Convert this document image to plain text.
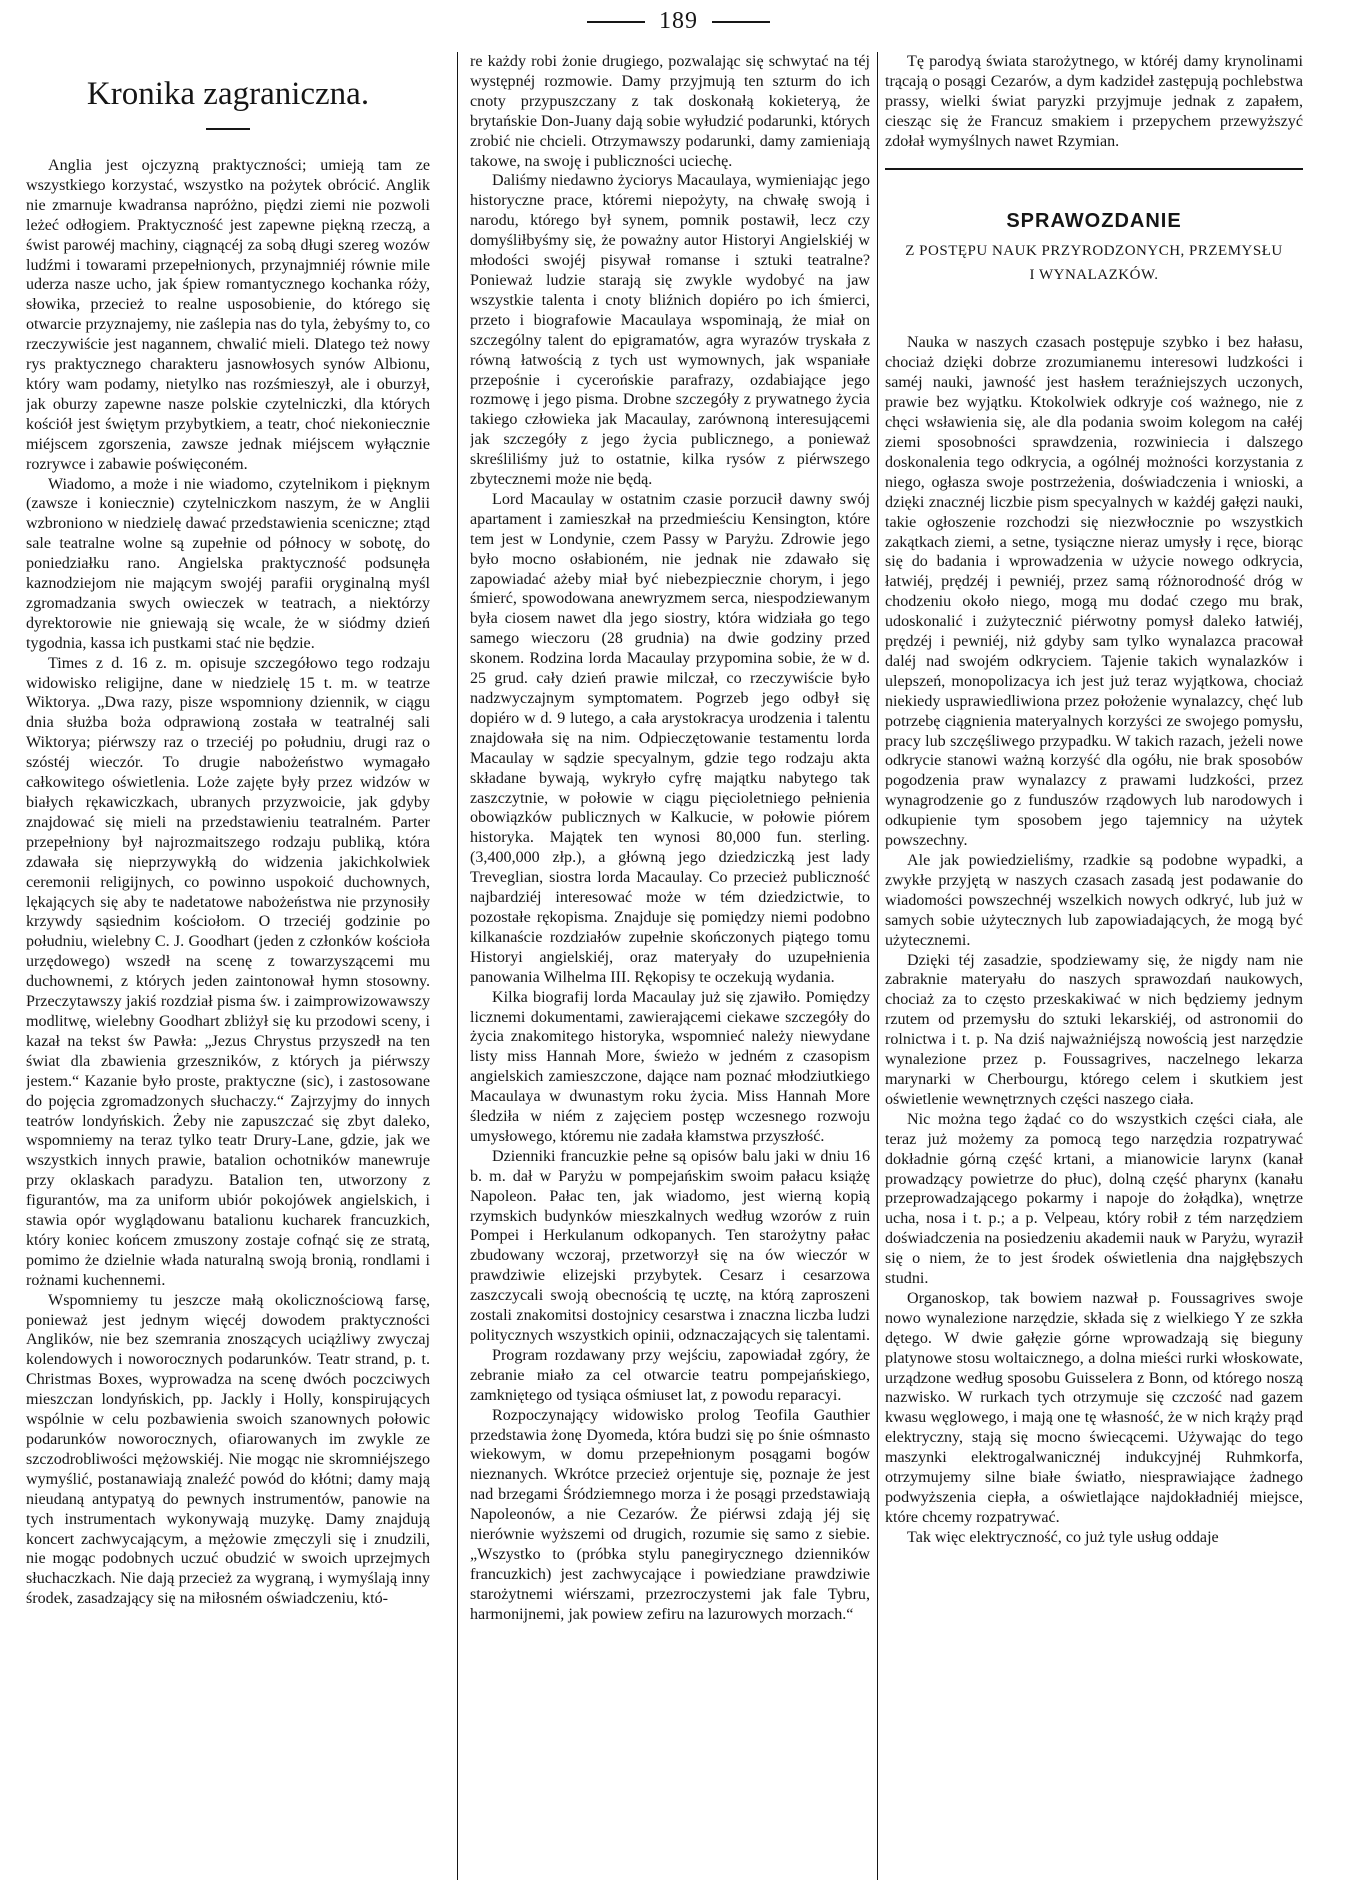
189
Kronika zagraniczna.

Anglia jest ojczyzną praktyczności; umieją tam ze wszystkiego korzystać, wszystko na pożytek obrócić. Anglik nie zmarnuje kwadransa napróżno, piędzi ziemi nie pozwoli leżeć odłogiem. Praktyczność jest zapewne piękną rzeczą, a świst parowéj machiny, ciągnącéj za sobą długi szereg wozów ludźmi i towarami przepełnionych, przynajmniéj równie mile uderza nasze ucho, jak śpiew romantycznego kochanka róży, słowika, przecież to realne usposobienie, do którego się otwarcie przyznajemy, nie zaślepia nas do tyla, żebyśmy to, co rzeczywiście jest nagannem, chwalić mieli. Dlatego też nowy rys praktycznego charakteru jasnowłosych synów Albionu, który wam podamy, nietylko nas rozśmieszył, ale i oburzył, jak oburzy zapewne nasze polskie czytelniczki, dla których kościół jest świętym przybytkiem, a teatr, choć niekoniecznie miéjscem zgorszenia, zawsze jednak miéjscem wyłącznie rozrywce i zabawie poświęconém.

Wiadomo, a może i nie wiadomo, czytelnikom i pięknym (zawsze i koniecznie) czytelniczkom naszym, że w Anglii wzbroniono w niedzielę dawać przedstawienia sceniczne; ztąd sale teatralne wolne są zupełnie od północy w sobotę, do poniedziałku rano. Angielska praktyczność podsunęła kaznodziejom nie mającym swojéj parafii oryginalną myśl zgromadzania swych owieczek w teatrach, a niektórzy dyrektorowie nie gniewają się wcale, że w siódmy dzień tygodnia, kassa ich pustkami stać nie będzie.

Times z d. 16 z. m. opisuje szczegółowo tego rodzaju widowisko religijne, dane w niedzielę 15 t. m. w teatrze Wiktorya. „Dwa razy, pisze wspomniony dziennik, w ciągu dnia służba boża odprawioną została w teatralnéj sali Wiktorya; piérwszy raz o trzeciéj po południu, drugi raz o szóstéj wieczór. To drugie nabożeństwo wymagało całkowitego oświetlenia. Loże zajęte były przez widzów w białych rękawiczkach, ubranych przyzwoicie, jak gdyby znajdować się mieli na przedstawieniu teatralném. Parter przepełniony był najrozmaitszego rodzaju publiką, która zdawała się nieprzywykłą do widzenia jakichkolwiek ceremonii religijnych, co powinno uspokoić duchownych, lękających się aby te nadetatowe nabożeństwa nie przynosiły krzywdy sąsiednim kościołom. O trzeciéj godzinie po południu, wielebny C. J. Goodhart (jeden z członków kościoła urzędowego) wszedł na scenę z towarzyszącemi mu duchownemi, z których jeden zaintonował hymn stosowny. Przeczytawszy jakiś rozdział pisma św. i zaimprowizowawszy modlitwę, wielebny Goodhart zbliżył się ku przodowi sceny, i kazał na tekst św Pawła: „Jezus Chrystus przyszedł na ten świat dla zbawienia grzeszników, z których ja piérwszy jestem.“ Kazanie było proste, praktyczne (sic), i zastosowane do pojęcia zgromadzonych słuchaczy.“ Zajrzyjmy do innych teatrów londyńskich. Żeby nie zapuszczać się zbyt daleko, wspomniemy na teraz tylko teatr Drury-Lane, gdzie, jak we wszystkich innych prawie, batalion ochotników manewruje przy oklaskach paradyzu. Batalion ten, utworzony z figurantów, ma za uniform ubiór pokojówek angielskich, i stawia opór wyglądowanu batalionu kucharek francuzkich, który koniec końcem zmuszony zostaje cofnąć się ze stratą, pomimo że dzielnie włada naturalną swoją bronią, rondlami i rożnami kuchennemi.

Wspomniemy tu jeszcze małą okolicznościową farsę, ponieważ jest jednym więcéj dowodem praktyczności Anglików, nie bez szemrania znoszących uciążliwy zwyczaj kolendowych i noworocznych podarunków. Teatr strand, p. t. Christmas Boxes, wyprowadza na scenę dwóch poczciwych mieszczan londyńskich, pp. Jackly i Holly, konspirujących wspólnie w celu pozbawienia swoich szanownych połowic podarunków noworocznych, ofiarowanych im zwykle ze szczodrobliwości mężowskiéj. Nie mogąc nie skromniéjszego wymyślić, postanawiają znaleźć powód do kłótni; damy mają nieudaną antypatyą do pewnych instrumentów, panowie na tych instrumentach wykonywają muzykę. Damy znajdują koncert zachwycającym, a mężowie zmęczyli się i znudzili, nie mogąc podobnych uczuć obudzić w swoich uprzejmych słuchaczkach. Nie dają przecież za wygraną, i wymyślają inny środek, zasadzający się na miłosném oświadczeniu, któ-

re każdy robi żonie drugiego, pozwalając się schwytać na téj występnéj rozmowie. Damy przyjmują ten szturm do ich cnoty przypuszczany z tak doskonałą kokieteryą, że brytańskie Don-Juany dają sobie wyłudzić podarunki, których zrobić nie chcieli. Otrzymawszy podarunki, damy zamieniają takowe, na swoję i publiczności uciechę.

Daliśmy niedawno życiorys Macaulaya, wymieniając jego historyczne prace, któremi niepożyty, na chwałę swoją i narodu, którego był synem, pomnik postawił, lecz czy domyśliłbyśmy się, że poważny autor Historyi Angielskiéj w młodości swojéj pisywał romanse i sztuki teatralne? Ponieważ ludzie starają się zwykle wydobyć na jaw wszystkie talenta i cnoty bliźnich dopiéro po ich śmierci, przeto i biografowie Macaulaya wspominają, że miał on szczególny talent do epigramatów, agra wyrazów tryskała z równą łatwością z tych ust wymownych, jak wspaniałe przepośnie i cycerońskie parafrazy, ozdabiające jego rozmowę i jego pisma. Drobne szczegóły z prywatnego życia takiego człowieka jak Macaulay, zarównoną interesującemi jak szczegóły z jego życia publicznego, a ponieważ skreśliliśmy już to ostatnie, kilka rysów z piérwszego zbytecznemi może nie będą.

Lord Macaulay w ostatnim czasie porzucił dawny swój apartament i zamieszkał na przedmieściu Kensington, które tem jest w Londynie, czem Passy w Paryżu. Zdrowie jego było mocno osłabioném, nie jednak nie zdawało się zapowiadać ażeby miał być niebezpiecznie chorym, i jego śmierć, spowodowana anewryzmem serca, niespodziewanym była ciosem nawet dla jego siostry, która widziała go tego samego wieczoru (28 grudnia) na dwie godziny przed skonem. Rodzina lorda Macaulay przypomina sobie, że w d. 25 grud. cały dzień prawie milczał, co rzeczywiście było nadzwyczajnym symptomatem. Pogrzeb jego odbył się dopiéro w d. 9 lutego, a cała arystokracya urodzenia i talentu znajdowała się na nim. Odpieczętowanie testamentu lorda Macaulay w sądzie specyalnym, gdzie tego rodzaju akta składane bywają, wykryło cyfrę majątku nabytego tak zaszczytnie, w połowie w ciągu pięcioletniego pełnienia obowiązków publicznych w Kalkucie, w połowie piórem historyka. Majątek ten wynosi 80,000 fun. sterling. (3,400,000 złp.), a główną jego dziedziczką jest lady Treveglian, siostra lorda Macaulay. Co przecież publiczność najbardziéj interesować może w tém dziedzictwie, to pozostałe rękopisma. Znajduje się pomiędzy niemi podobno kilkanaście rozdziałów zupełnie skończonych piątego tomu Historyi angielskiéj, oraz materyały do uzupełnienia panowania Wilhelma III. Rękopisy te oczekują wydania.

Kilka biografij lorda Macaulay już się zjawiło. Pomiędzy licznemi dokumentami, zawierającemi ciekawe szczegóły do życia znakomitego historyka, wspomnieć należy niewydane listy miss Hannah More, świeżo w jedném z czasopism angielskich zamieszczone, dające nam poznać młodziutkiego Macaulaya w dwunastym roku życia. Miss Hannah More śledziła w niém z zajęciem postęp wczesnego rozwoju umysłowego, któremu nie zadała kłamstwa przyszłość.

Dzienniki francuzkie pełne są opisów balu jaki w dniu 16 b. m. dał w Paryżu w pompejańskim swoim pałacu książę Napoleon. Pałac ten, jak wiadomo, jest wierną kopią rzymskich budynków mieszkalnych według wzorów z ruin Pompei i Herkulanum odkopanych. Ten starożytny pałac zbudowany wczoraj, przetworzył się na ów wieczór w prawdziwie elizejski przybytek. Cesarz i cesarzowa zaszczycali swoją obecnością tę ucztę, na którą zaproszeni zostali znakomitsi dostojnicy cesarstwa i znaczna liczba ludzi politycznych wszystkich opinii, odznaczających się talentami.

Program rozdawany przy wejściu, zapowiadał zgóry, że zebranie miało za cel otwarcie teatru pompejańskiego, zamkniętego od tysiąca ośmiuset lat, z powodu reparacyi.

Rozpoczynający widowisko prolog Teofila Gauthier przedstawia żonę Dyomeda, która budzi się po śnie ośmnasto wiekowym, w domu przepełnionym posągami bogów nieznanych. Wkrótce przecież orjentuje się, poznaje że jest nad brzegami Śródziemnego morza i że posągi przedstawiają Napoleonów, a nie Cezarów. Że piérwsi zdają jéj się nierównie wyższemi od drugich, rozumie się samo z siebie. „Wszystko to (próbka stylu panegirycznego dzienników francuzkich) jest zachwycające i powiedziane prawdziwie starożytnemi wiérszami, przezroczystemi jak fale Tybru, harmonijnemi, jak powiew zefiru na lazurowych morzach.“

Tę parodyą świata starożytnego, w któréj damy krynolinami trącają o posągi Cezarów, a dym kadzideł zastępują pochlebstwa prassy, wielki świat paryzki przyjmuje jednak z zapałem, ciesząc się że Francuz smakiem i przepychem przewyższyć zdołał wymyślnych nawet Rzymian.

SPRAWOZDANIE
Z POSTĘPU NAUK PRZYRODZONYCH, PRZEMYSŁU
I WYNALAZKÓW.

Nauka w naszych czasach postępuje szybko i bez hałasu, chociaż dzięki dobrze zrozumianemu interesowi ludzkości i saméj nauki, jawność jest hasłem teraźniejszych uczonych, prawie bez wyjątku. Ktokolwiek odkryje coś ważnego, nie z chęci wsławienia się, ale dla podania swoim kolegom na całéj ziemi sposobności sprawdzenia, rozwiniecia i dalszego doskonalenia tego odkrycia, a ogólnéj możności korzystania z niego, ogłasza swoje postrzeżenia, doświadczenia i wnioski, a dzięki znacznéj liczbie pism specyalnych w każdéj gałęzi nauki, takie ogłoszenie rozchodzi się niezwłocznie po wszystkich zakątkach ziemi, a setne, tysiączne nieraz umysły i ręce, biorąc się do badania i wprowadzenia w użycie nowego odkrycia, łatwiéj, prędzéj i pewniéj, przez samą różnorodność dróg w chodzeniu około niego, mogą mu dodać czego mu brak, udoskonalić i zużytecznić piérwotny pomysł daleko łatwiéj, prędzéj i pewniéj, niż gdyby sam tylko wynalazca pracował daléj nad swojém odkryciem. Tajenie takich wynalazków i ulepszeń, monopolizacya ich jest już teraz wyjątkowa, chociaż niekiedy usprawiedliwiona przez położenie wynalazcy, chęć lub potrzebę ciągnienia materyalnych korzyści ze swojego pomysłu, pracy lub szczęśliwego przypadku. W takich razach, jeżeli nowe odkrycie stanowi ważną korzyść dla ogółu, nie brak sposobów pogodzenia praw wynalazcy z prawami ludzkości, przez wynagrodzenie go z funduszów rządowych lub narodowych i odkupienie tym sposobem jego tajemnicy na użytek powszechny.

Ale jak powiedzieliśmy, rzadkie są podobne wypadki, a zwykłe przyjętą w naszych czasach zasadą jest podawanie do wiadomości powszechnéj wszelkich nowych odkryć, lub już w samych sobie użytecznych lub zapowiadających, że mogą być użytecznemi.

Dzięki téj zasadzie, spodziewamy się, że nigdy nam nie zabraknie materyału do naszych sprawozdań naukowych, chociaż za to często przeskakiwać w nich będziemy jednym rzutem od przemysłu do sztuki lekarskiéj, od astronomii do rolnictwa i t. p. Na dziś najważniéjszą nowością jest narzędzie wynalezione przez p. Foussagrives, naczelnego lekarza marynarki w Cherbourgu, którego celem i skutkiem jest oświetlenie wewnętrznych części naszego ciała.

Nic można tego żądać co do wszystkich części ciała, ale teraz już możemy za pomocą tego narzędzia rozpatrywać dokładnie górną część krtani, a mianowicie larynx (kanał prowadzący powietrze do płuc), dolną część pharynx (kanału przeprowadzającego pokarmy i napoje do żołądka), wnętrze ucha, nosa i t. p.; a p. Velpeau, który robił z tém narzędziem doświadczenia na posiedzeniu akademii nauk w Paryżu, wyraził się o niem, że to jest środek oświetlenia dna najgłębszych studni.

Organoskop, tak bowiem nazwał p. Foussagrives swoje nowo wynalezione narzędzie, składa się z wielkiego Y ze szkła dętego. W dwie gałęzie górne wprowadzają się bieguny platynowe stosu woltaicznego, a dolna mieści rurki włoskowate, urządzone według sposobu Guisselera z Bonn, od którego noszą nazwisko. W rurkach tych otrzymuje się czczość nad gazem kwasu węglowego, i mają one tę własność, że w nich krąży prąd elektryczny, stają się mocno świecącemi. Używając do tego maszynki elektrogalwanicznéj indukcyjnéj Ruhmkorfa, otrzymujemy silne białe światło, niesprawiające żadnego podwyższenia ciepła, a oświetlające najdokładniéj miejsce, które chcemy rozpatrywać.

Tak więc elektryczność, co już tyle usług oddaje
